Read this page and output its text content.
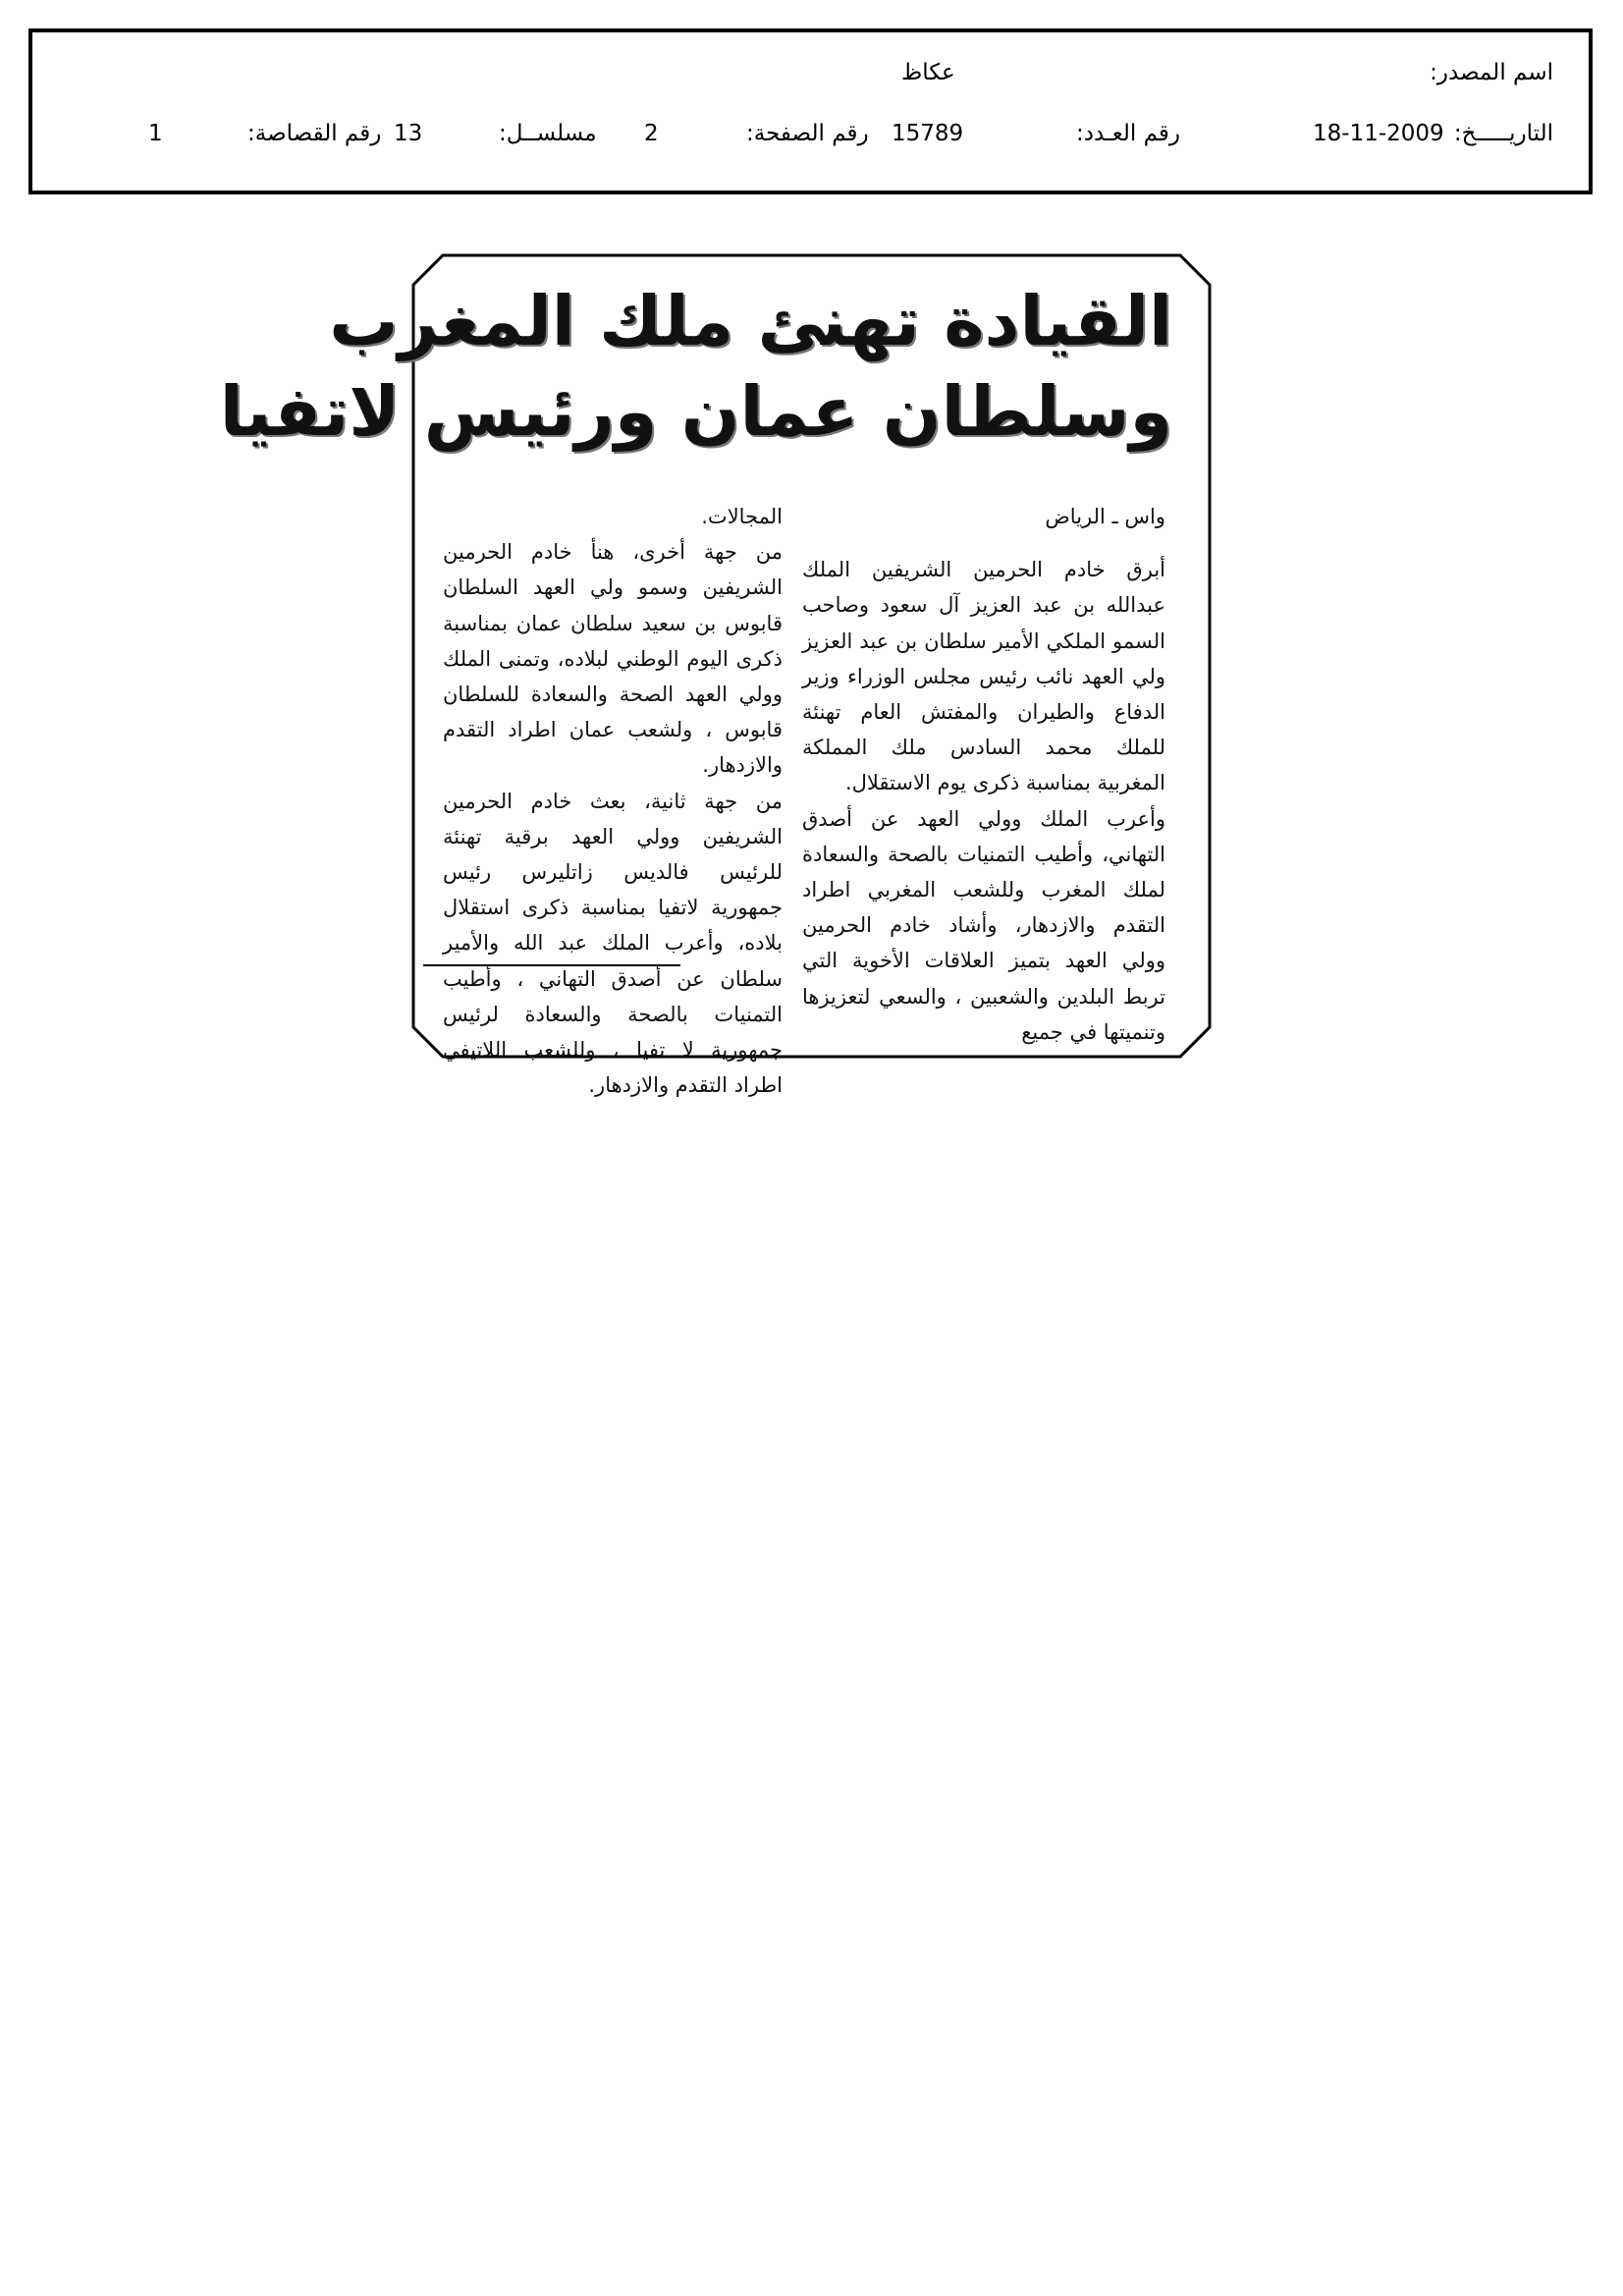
اسم المصدر:
عكاظ
التاريـــــخ:
18-11-2009
رقم العـدد:
15789
رقم الصفحة:
2
مسلســل:
13
رقم القصاصة:
1
القيادة تهنئ ملك المغرب
وسلطان عمان ورئيس لاتفيا
واس ـ الرياض

أبرق خادم الحرمين الشريفين الملك عبدالله بن عبد العزيز آل سعود وصاحب السمو الملكي الأمير سلطان بن عبد العزيز ولي العهد نائب رئيس مجلس الوزراء وزير الدفاع والطيران والمفتش العام تهنئة للملك محمد السادس ملك المملكة المغربية بمناسبة ذكرى يوم الاستقلال.

وأعرب الملك وولي العهد عن أصدق التهاني، وأطيب التمنيات بالصحة والسعادة لملك المغرب وللشعب المغربي اطراد التقدم والازدهار، وأشاد خادم الحرمين وولي العهد بتميز العلاقات الأخوية التي تربط البلدين والشعبين ، والسعي لتعزيزها وتنميتها في جميع

المجالات.

من جهة أخرى، هنأ خادم الحرمين الشريفين وسمو ولي العهد السلطان قابوس بن سعيد سلطان عمان بمناسبة ذكرى اليوم الوطني لبلاده، وتمنى الملك وولي العهد الصحة والسعادة للسلطان قابوس ، ولشعب عمان اطراد التقدم والازدهار.

من جهة ثانية، بعث خادم الحرمين الشريفين وولي العهد برقية تهنئة للرئيس فالديس زاتليرس رئيس جمهورية لاتفيا بمناسبة ذكرى استقلال بلاده، وأعرب الملك عبد الله والأمير سلطان عن أصدق التهاني ، وأطيب التمنيات بالصحة والسعادة لرئيس جمهورية لا تفيا ، وللشعب اللاتيفي اطراد التقدم والازدهار.
